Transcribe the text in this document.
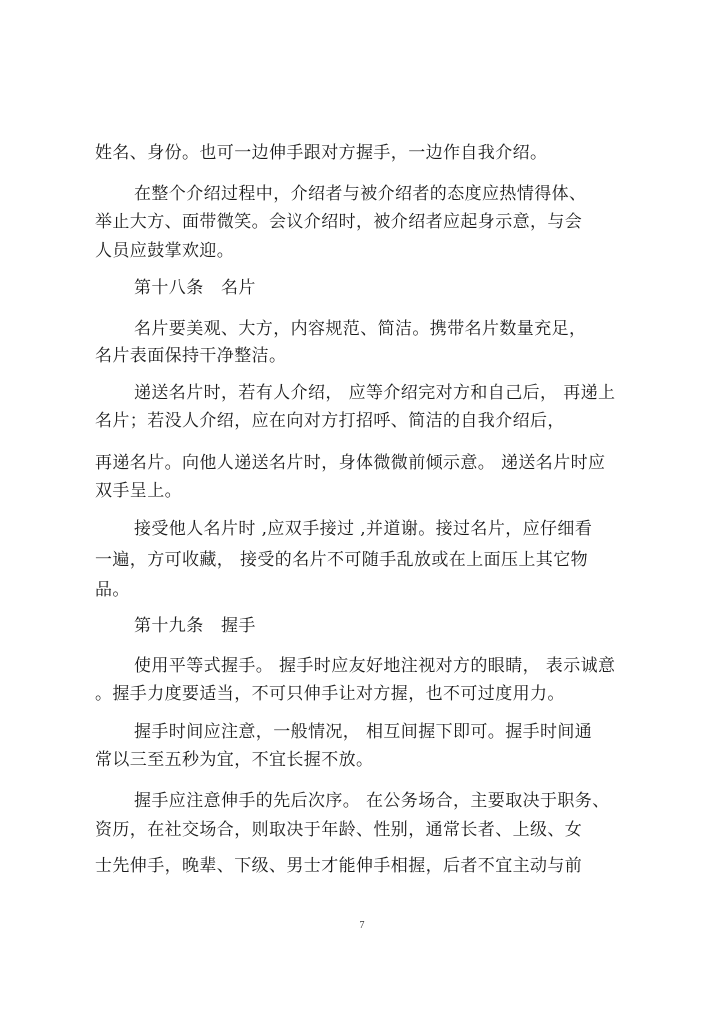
姓名、身份。也可一边伸手跟对方握手，一边作自我介绍。
在整个介绍过程中，介绍者与被介绍者的态度应热情得体、
举止大方、面带微笑。会议介绍时，被介绍者应起身示意，与会
人员应鼓掌欢迎。
第十八条　名片
名片要美观、大方，内容规范、简洁。携带名片数量充足，
名片表面保持干净整洁。
递送名片时，若有人介绍， 应等介绍完对方和自己后， 再递上
名片；若没人介绍，应在向对方打招呼、简洁的自我介绍后，
再递名片。向他人递送名片时，身体微微前倾示意。 递送名片时应
双手呈上。
接受他人名片时 ,应双手接过 ,并道谢。接过名片，应仔细看
一遍，方可收藏， 接受的名片不可随手乱放或在上面压上其它物
品。
第十九条　握手
使用平等式握手。 握手时应友好地注视对方的眼睛， 表示诚意
。握手力度要适当，不可只伸手让对方握，也不可过度用力。
握手时间应注意，一般情况， 相互间握下即可。握手时间通
常以三至五秒为宜，不宜长握不放。
握手应注意伸手的先后次序。 在公务场合，主要取决于职务、
资历，在社交场合，则取决于年龄、性别，通常长者、上级、女
士先伸手，晚辈、下级、男士才能伸手相握，后者不宜主动与前
7
